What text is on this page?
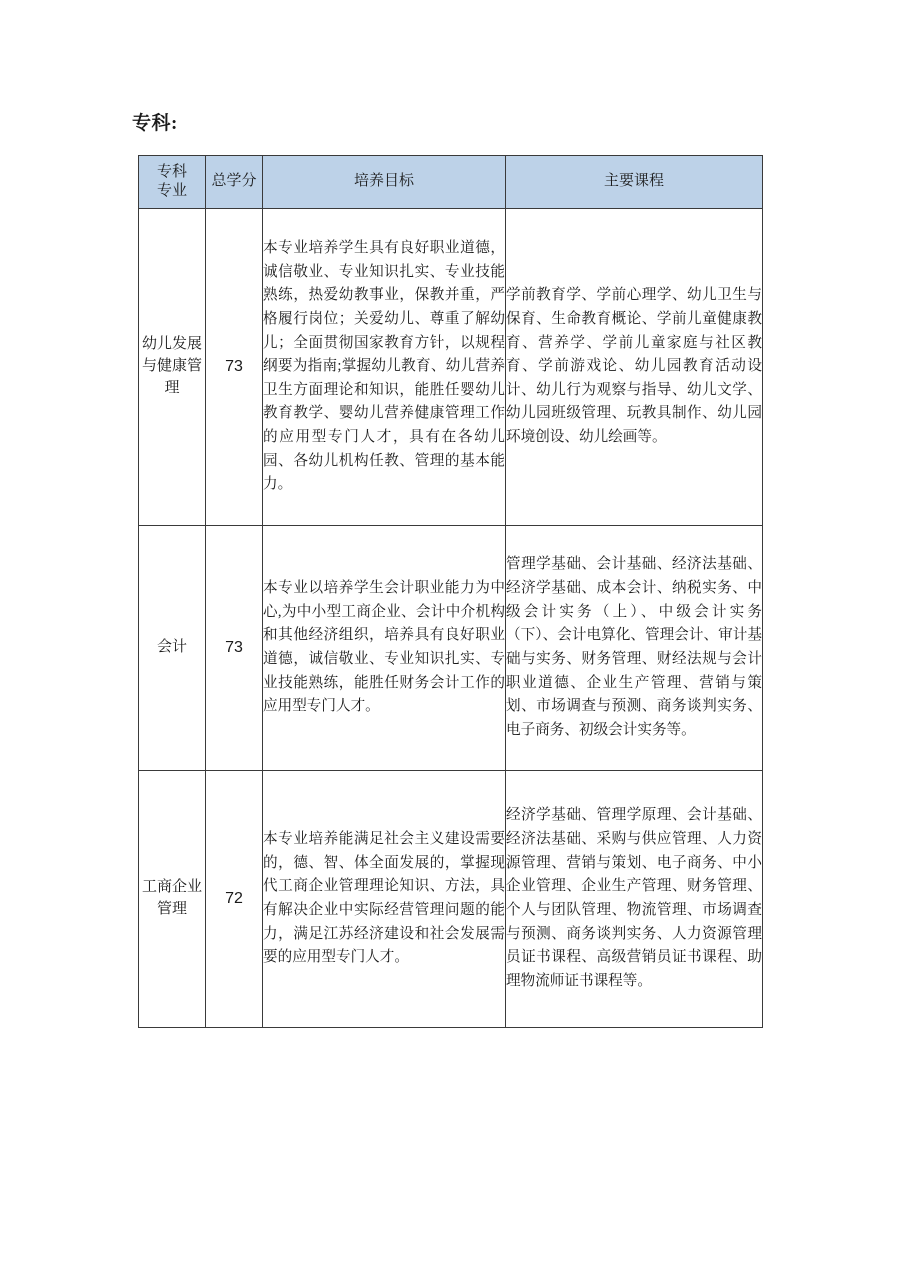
专科:
专科
专业	总学分	培养目标	主要课程
幼儿发展与健康管理	73	本专业培养学生具有良好职业道德，诚信敬业、专业知识扎实、专业技能熟练，热爱幼教事业，保教并重，严格履行岗位；关爱幼儿、尊重了解幼儿；全面贯彻国家教育方针，以规程纲要为指南;掌握幼儿教育、幼儿营养卫生方面理论和知识，能胜任婴幼儿教育教学、婴幼儿营养健康管理工作的应用型专门人才，具有在各幼儿园、各幼儿机构任教、管理的基本能力。	学前教育学、学前心理学、幼儿卫生与保育、生命教育概论、学前儿童健康教育、营养学、学前儿童家庭与社区教育、学前游戏论、幼儿园教育活动设计、幼儿行为观察与指导、幼儿文学、幼儿园班级管理、玩教具制作、幼儿园环境创设、幼儿绘画等。
会计	73	本专业以培养学生会计职业能力为中心,为中小型工商企业、会计中介机构和其他经济组织，培养具有良好职业道德，诚信敬业、专业知识扎实、专业技能熟练，能胜任财务会计工作的应用型专门人才。	管理学基础、会计基础、经济法基础、经济学基础、成本会计、纳税实务、中级会计实务（上）、中级会计实务（下）、会计电算化、管理会计、审计基础与实务、财务管理、财经法规与会计职业道德、企业生产管理、营销与策划、市场调查与预测、商务谈判实务、电子商务、初级会计实务等。
工商企业管理	72	本专业培养能满足社会主义建设需要的，德、智、体全面发展的，掌握现代工商企业管理理论知识、方法，具有解决企业中实际经营管理问题的能力，满足江苏经济建设和社会发展需要的应用型专门人才。	经济学基础、管理学原理、会计基础、经济法基础、采购与供应管理、人力资源管理、营销与策划、电子商务、中小企业管理、企业生产管理、财务管理、个人与团队管理、物流管理、市场调查与预测、商务谈判实务、人力资源管理员证书课程、高级营销员证书课程、助理物流师证书课程等。
